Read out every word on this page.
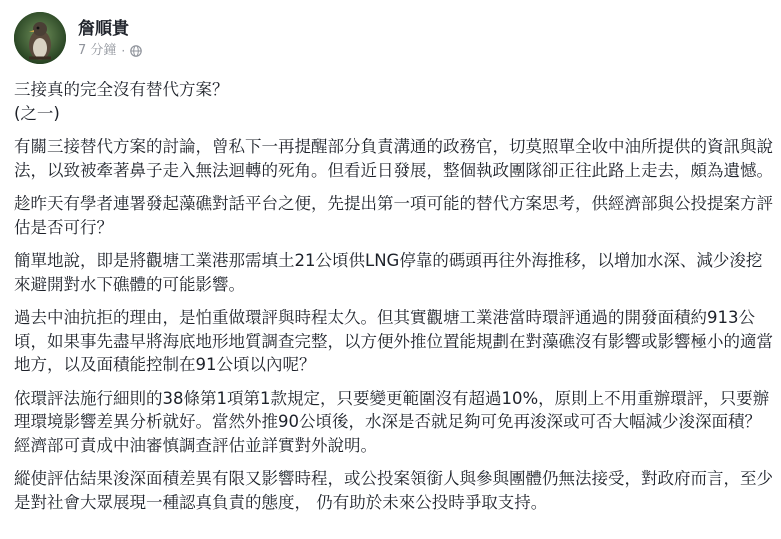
詹順貴
7 分鐘 ·

三接真的完全沒有替代方案？

(之一)

有關三接替代方案的討論，曾私下一再提醒部分負責溝通的政務官，切莫照單全收中油所提供的資訊與說法，以致被牽著鼻子走入無法迴轉的死角。但看近日發展，整個執政團隊卻正往此路上走去，頗為遺憾。

趁昨天有學者連署發起藻礁對話平台之便，先提出第一項可能的替代方案思考，供經濟部與公投提案方評估是否可行？

簡單地說，即是將觀塘工業港那需填土21公頃供LNG停靠的碼頭再往外海推移，以增加水深、減少浚挖來避開對水下礁體的可能影響。

過去中油抗拒的理由，是怕重做環評與時程太久。但其實觀塘工業港當時環評通過的開發面積約913公頃，如果事先盡早將海底地形地質調查完整，以方便外推位置能規劃在對藻礁沒有影響或影響極小的適當地方，以及面積能控制在91公頃以內呢？

依環評法施行細則的38條第1項第1款規定，只要變更範圍沒有超過10%，原則上不用重辦環評，只要辦理環境影響差異分析就好。當然外推90公頃後，水深是否就足夠可免再浚深或可否大幅減少浚深面積？經濟部可責成中油審慎調查評估並詳實對外說明。

縱使評估結果浚深面積差異有限又影響時程，或公投案領銜人與參與團體仍無法接受，對政府而言，至少是對社會大眾展現一種認真負責的態度， 仍有助於未來公投時爭取支持。
